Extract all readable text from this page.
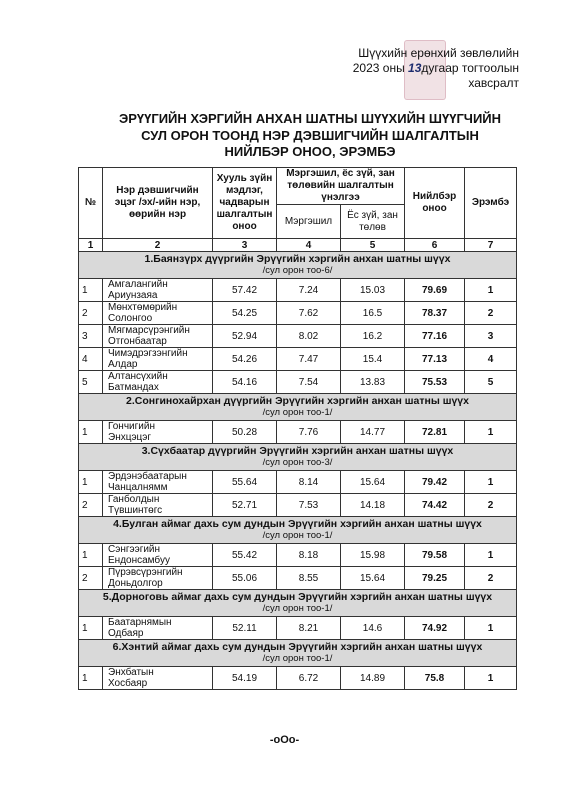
Шүүхийн ерөнхий зөвлөлийн
2023 оны 13дугаар тогтоолын
хавсралт
ЭРҮҮГИЙН ХЭРГИЙН АНХАН ШАТНЫ ШҮҮХИЙН ШҮҮГЧИЙН
СУЛ ОРОН ТООНД НЭР ДЭВШИГЧИЙН ШАЛГАЛТЫН
НИЙЛБЭР ОНОО, ЭРЭМБЭ
№	Нэр дэвшигчийн эцэг /эх/-ийн нэр, өөрийн нэр	Хууль зүйн мэдлэг, чадварын шалгалтын оноо	Мэргэшил, ёс зүй, зан төлөвийн шалгалтын үнэлгээ		Нийлбэр оноо	Эрэмбэ
			Мэргэшил	Ёс зүй, зан төлөв		
1	2	3	4	5	6	7

1.Баянзүрх дүүргийн Эрүүгийн хэргийн анхан шатны шүүх
/сул орон тоо-6/						

1	Амгалангийн
Ариунзаяа	57.42	7.24	15.03	79.69	1
2	Мөнхтөмөрийн
Солонгоо	54.25	7.62	16.5	78.37	2
3	Мягмарсүрэнгийн
Отгонбаатар	52.94	8.02	16.2	77.16	3
4	Чимэдрэгзэнгийн
Алдар	54.26	7.47	15.4	77.13	4
5	Алтансүхийн
Батмандах	54.16	7.54	13.83	75.53	5

2.Сонгинохайрхан дүүргийн Эрүүгийн хэргийн анхан шатны шүүх
/сул орон тоо-1/						

1	Гончигийн
Энхцэцэг	50.28	7.76	14.77	72.81	1

3.Сүхбаатар дүүргийн Эрүүгийн хэргийн анхан шатны шүүх
/сул орон тоо-3/						

1	Эрдэнэбаатарын
Чанцалнямм	55.64	8.14	15.64	79.42	1
2	Ганболдын
Түвшинтөгс	52.71	7.53	14.18	74.42	2

4.Булган аймаг дахь сум дундын Эрүүгийн хэргийн анхан шатны шүүх
/сул орон тоо-1/						

1	Сэнгээгийн
Ендонсамбуу	55.42	8.18	15.98	79.58	1
2	Пүрэвсүрэнгийн
Доньдолгор	55.06	8.55	15.64	79.25	2

5.Дорноговь аймаг дахь сум дундын Эрүүгийн хэргийн анхан шатны шүүх
/сул орон тоо-1/						

1	Баатарнямын
Одбаяр	52.11	8.21	14.6	74.92	1

6.Хэнтий аймаг дахь сум дундын Эрүүгийн хэргийн анхан шатны шүүх
/сул орон тоо-1/						

1	Энхбатын
Хосбаяр	54.19	6.72	14.89	75.8	1
-оОо-
